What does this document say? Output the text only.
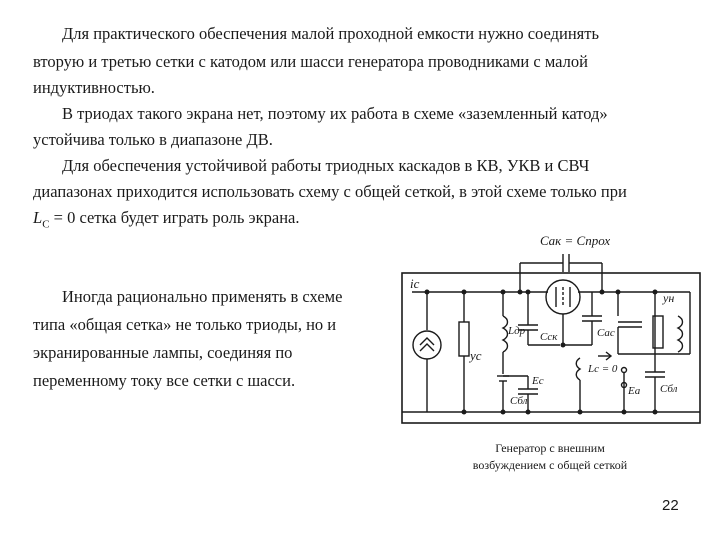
Для практического обеспечения малой проходной емкости нужно соединять
вторую и третью сетки с катодом или шасси генератора проводниками с малой
индуктивностью.
В триодах такого экрана нет, поэтому их работа в схеме «заземленный катод»
устойчива только в диапазоне ДВ.
Для обеспечения устойчивой работы триодных каскадов в КВ, УКВ и СВЧ
диапазонах приходится использовать схему с общей сеткой, в этой схеме только при
$L_C = 0$ сетка будет играть роль экрана.
Иногда рационально применять в схеме
типа «общая сетка» не только триоды, но и
экранированные лампы, соединяя по
переменному току все сетки с шасси.
Cак = Cпрох
iс
yс
Lдр Cск	Cас
Eс
Cбл
Lс = 0
Eа Cбл
yн
Генератор с внешним
возбуждением с общей сеткой
22
